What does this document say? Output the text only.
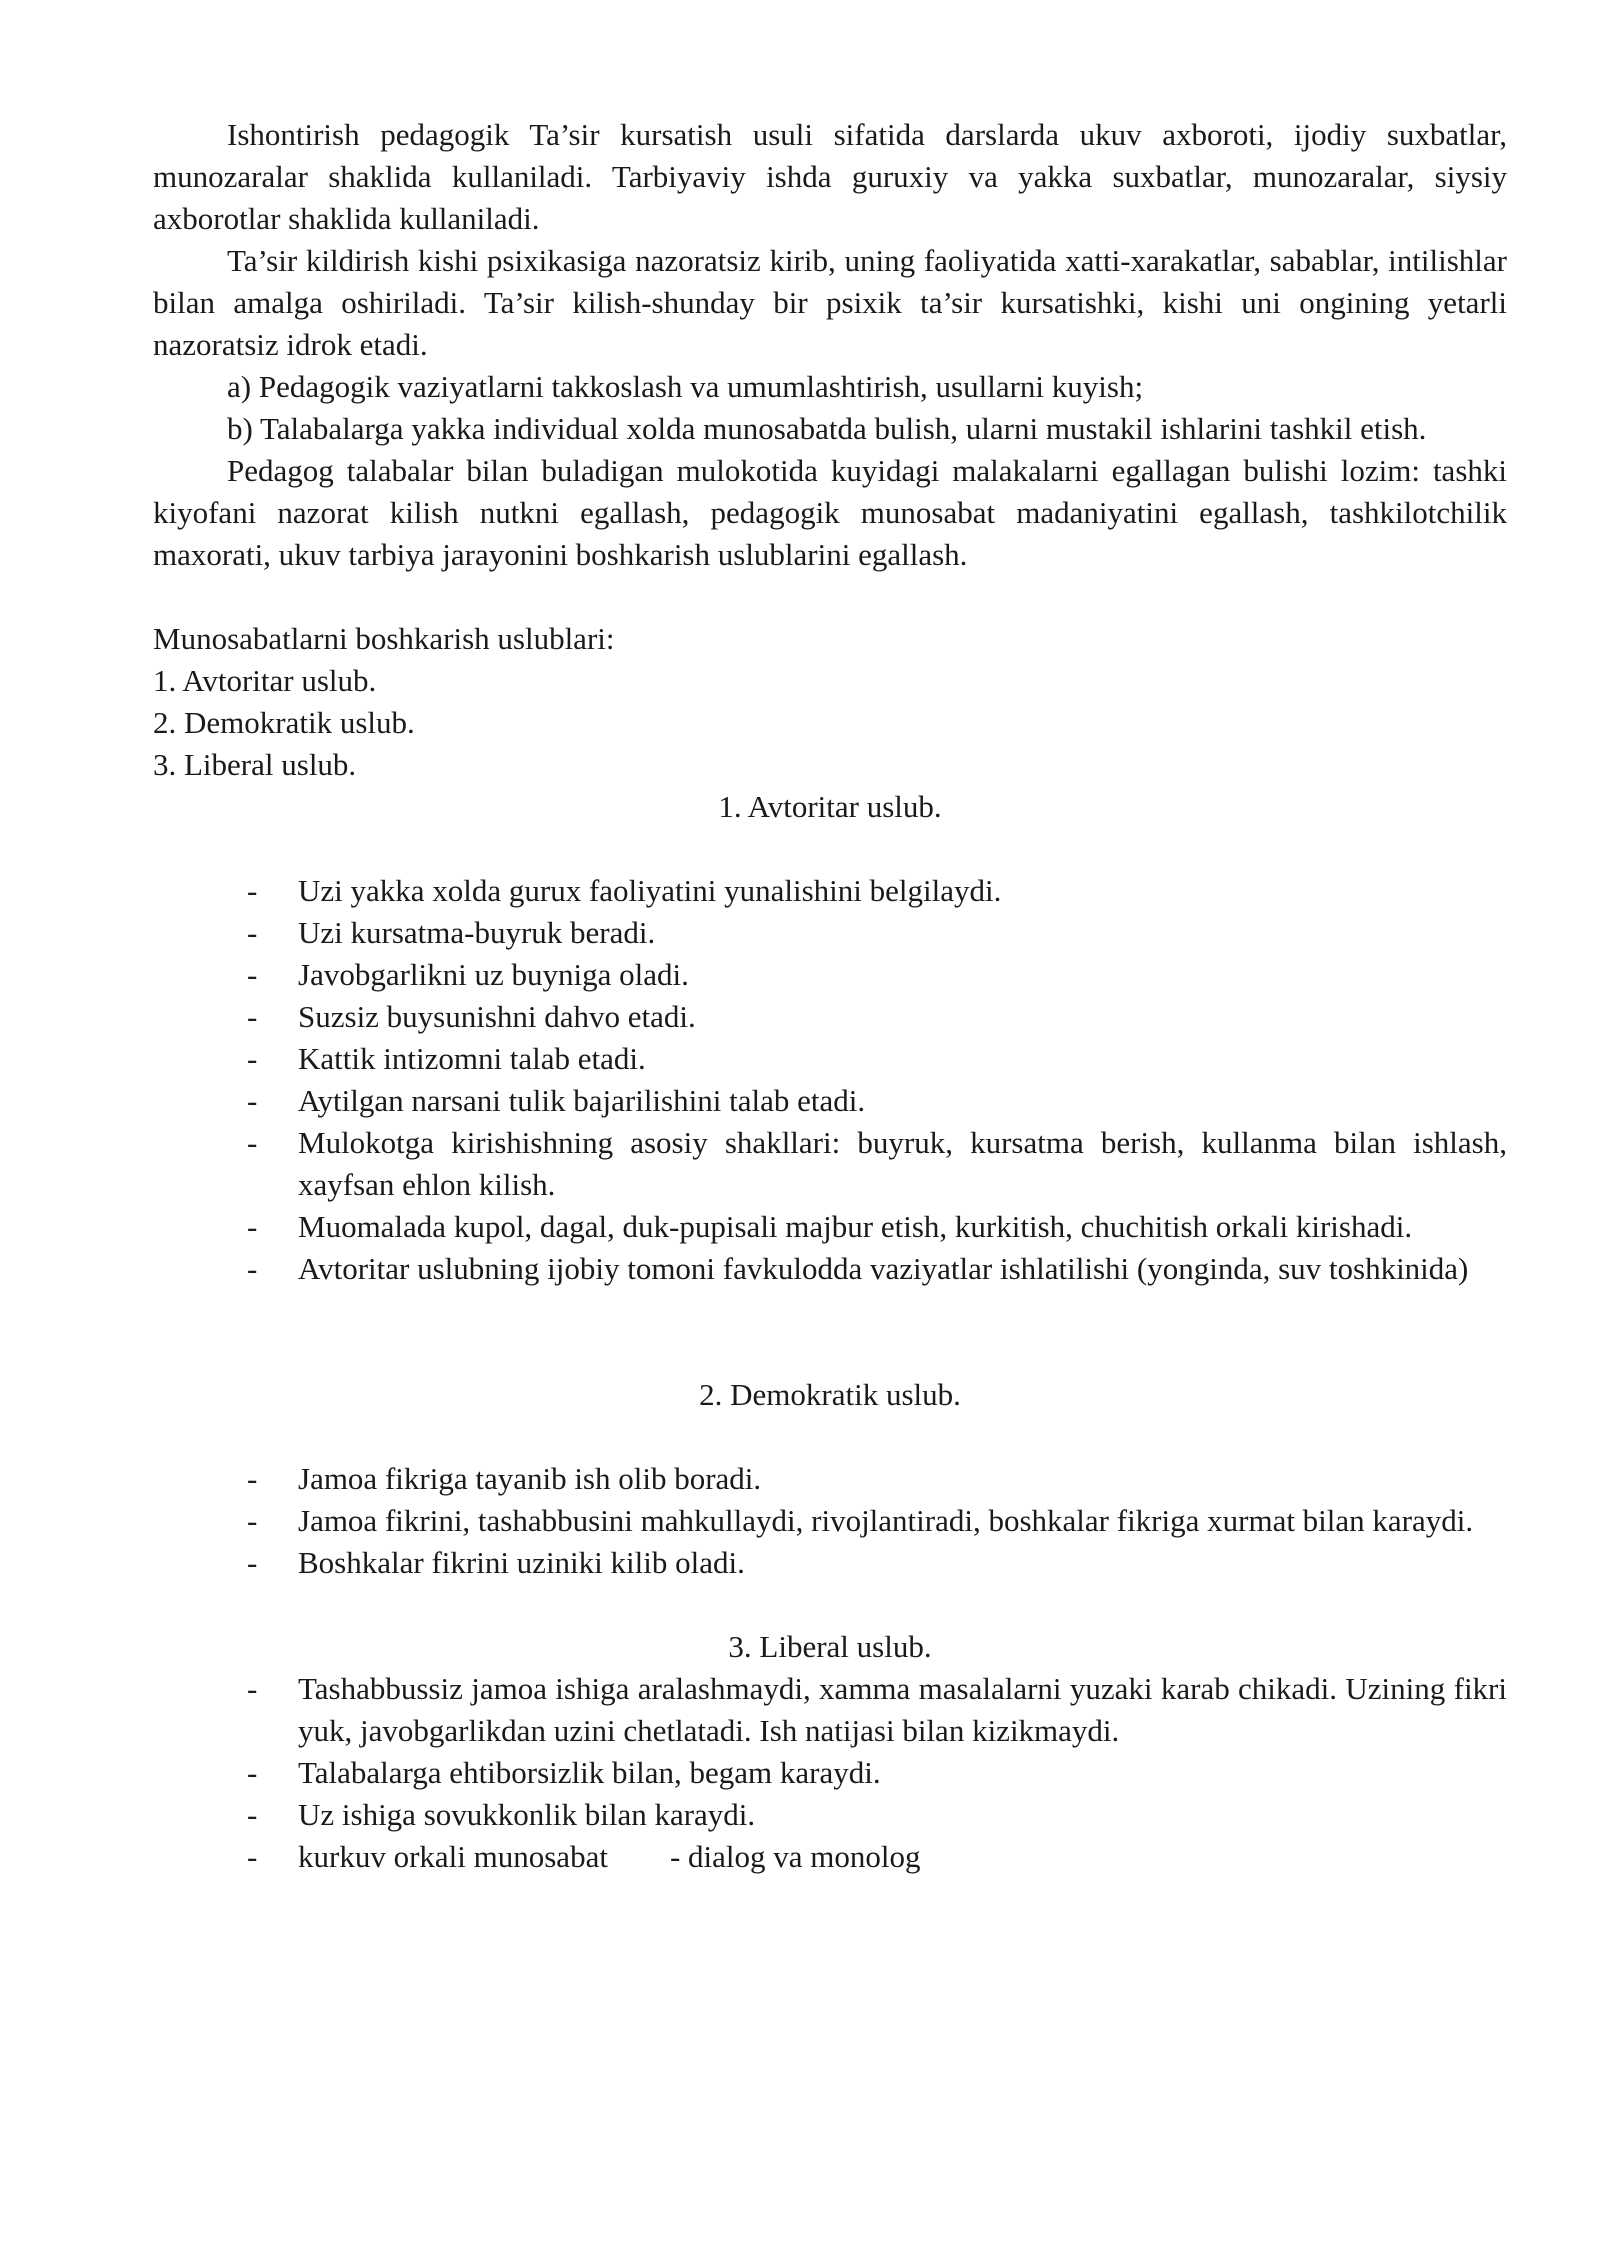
Ishontirish pedagogik Ta’sir kursatish usuli sifatida darslarda ukuv axboroti, ijodiy suxbatlar, munozaralar shaklida kullaniladi. Tarbiyaviy ishda guruxiy va yakka suxbatlar, munozaralar, siysiy axborotlar shaklida kullaniladi.

Ta’sir kildirish kishi psixikasiga nazoratsiz kirib, uning faoliyatida xatti-xarakatlar, sabablar, intilishlar bilan amalga oshiriladi. Ta’sir kilish-shunday bir psixik ta’sir kursatishki, kishi uni ongining yetarli nazoratsiz idrok etadi.

a) Pedagogik vaziyatlarni takkoslash va umumlashtirish, usullarni kuyish;

b) Talabalarga yakka individual xolda munosabatda bulish, ularni mustakil ishlarini tashkil etish.

Pedagog talabalar bilan buladigan mulokotida kuyidagi malakalarni egallagan bulishi lozim: tashki kiyofani nazorat kilish nutkni egallash, pedagogik munosabat madaniyatini egallash, tashkilotchilik maxorati, ukuv tarbiya jarayonini boshkarish uslublarini egallash.

Munosabatlarni boshkarish uslublari:

1. Avtoritar uslub.

2. Demokratik uslub.

3. Liberal uslub.

1. Avtoritar uslub.

- Uzi yakka xolda gurux faoliyatini yunalishini belgilaydi.
- Uzi kursatma-buyruk beradi.
- Javobgarlikni uz buyniga oladi.
- Suzsiz buysunishni dahvo etadi.
- Kattik intizomni talab etadi.
- Aytilgan narsani tulik bajarilishini talab etadi.
- Mulokotga kirishishning asosiy shakllari: buyruk, kursatma berish, kullanma bilan ishlash, xayfsan ehlon kilish.
- Muomalada kupol, dagal, duk-pupisali majbur etish, kurkitish, chuchitish orkali kirishadi.
- Avtoritar uslubning ijobiy tomoni favkulodda vaziyatlar ishlatilishi (yonginda, suv toshkinida)

2. Demokratik uslub.

- Jamoa fikriga tayanib ish olib boradi.
- Jamoa fikrini, tashabbusini mahkullaydi, rivojlantiradi, boshkalar fikriga xurmat bilan karaydi.
- Boshkalar fikrini uziniki kilib oladi.

3. Liberal uslub.

- Tashabbussiz jamoa ishiga aralashmaydi, xamma masalalarni yuzaki karab chikadi. Uzining fikri yuk, javobgarlikdan uzini chetlatadi. Ish natijasi bilan kizikmaydi.
- Talabalarga ehtiborsizlik bilan, begam karaydi.
- Uz ishiga sovukkonlik bilan karaydi.
- kurkuv orkali munosabat - dialog va monolog
